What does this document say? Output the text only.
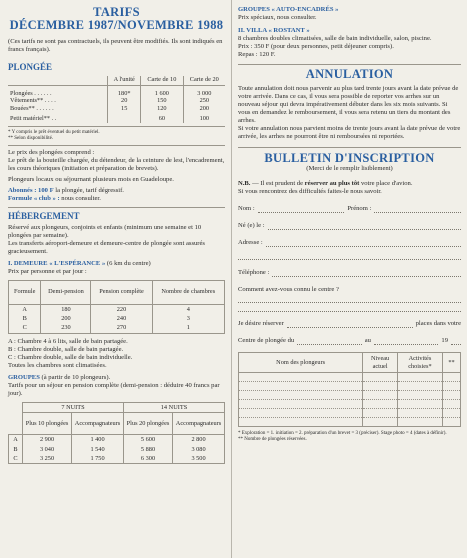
TARIFS
DÉCEMBRE 1987/NOVEMBRE 1988

(Ces tarifs ne sont pas contractuels, ils peuvent être modifiés. Ils sont indiqués en francs français).

PLONGÉE
	A l'unité	Carte de 10	Carte de 20

Plongées . . . . . .	180*	1 600	3 000
Vêtements** . . . .	20	150	250
Bouées** . . . . . .	15	120	200

Petit matériel** . .		60	100
* Y compris le prêt éventuel du petit matériel.
** Selon disponibilité.

Le prix des plongées comprend :

Le prêt de la bouteille chargée, du détendeur, de la ceinture de lest, l'encadrement, les cours théoriques (initiation et préparation de brevets).

Plongeurs locaux ou séjournant plusieurs mois en Guadeloupe.

Abonnés : 100 F la plongée, tarif dégressif.

Formule « club » : nous consulter.

HÉBERGEMENT

Réservé aux plongeurs, conjoints et enfants (minimum une semaine et 10 plongées par semaine).

Les transferts aéroport-demeure et demeure-centre de plongée sont assurés gracieusement.

I. DEMEURE « L'ESPÉRANCE » (6 km du centre)

Prix par personne et par jour :

Formule	Demi-pension	Pension complète	Nombre de chambres
A	180	220	4
B	200	240	3
C	230	270	1

A : Chambre 4 à 6 lits, salle de bain partagée.

B : Chambre double, salle de bain partagée.

C : Chambre double, salle de bain individuelle.

Toutes les chambres sont climatisées.

GROUPES (à partir de 10 plongeurs).

Tarifs pour un séjour en pension complète (demi-pension : déduire 40 francs par jour).

	7 NUITS		14 NUITS	
	Plus 10 plongées	Accompagnateurs	Plus 20 plongées	Accompagnateurs
A	2 900	1 400	5 600	2 800
B	3 040	1 540	5 880	3 080
C	3 250	1 750	6 300	3 500
GROUPES « AUTO-ENCADRÉS »

Prix spéciaux, nous consulter.

II. VILLA « ROSTANT »

8 chambres doubles climatisées, salle de bain individuelle, salon, piscine.

Prix : 350 F (pour deux personnes, petit déjeuner compris).

Repas : 120 F.

ANNULATION

Toute annulation doit nous parvenir au plus tard trente jours avant la date prévue de votre arrivée. Dans ce cas, il vous sera possible de reporter vos arrhes sur un nouveau séjour qui devra impérativement débuter dans les six mois suivants. Si vous en demandez le remboursement, il vous sera retenu un tiers du montant des arrhes.

Si votre annulation nous parvient moins de trente jours avant la date prévue de votre arrivée, les arrhes ne pourront être ni remboursées ni reportées.

BULLETIN D'INSCRIPTION

(Merci de le remplir lisiblement)

N.B. — Il est prudent de réserver au plus tôt votre place d'avion.

Si vous rencontrez des difficultés faites-le nous savoir.

Nom :	Prénom :
Né (e) le :
Adresse :
Téléphone :
Comment avez-vous connu le centre ?
Je désire réserver	places dans votre
Centre de plongée du	au	19
Nom des plongeurs	Niveau actuel	Activités choisies*	**

* Exploration = 1. initiation = 2. préparation d'un brevet = 3 (préciser). Stage photo = 4 (dates à définir).
** Nombre de plongées réservées.
